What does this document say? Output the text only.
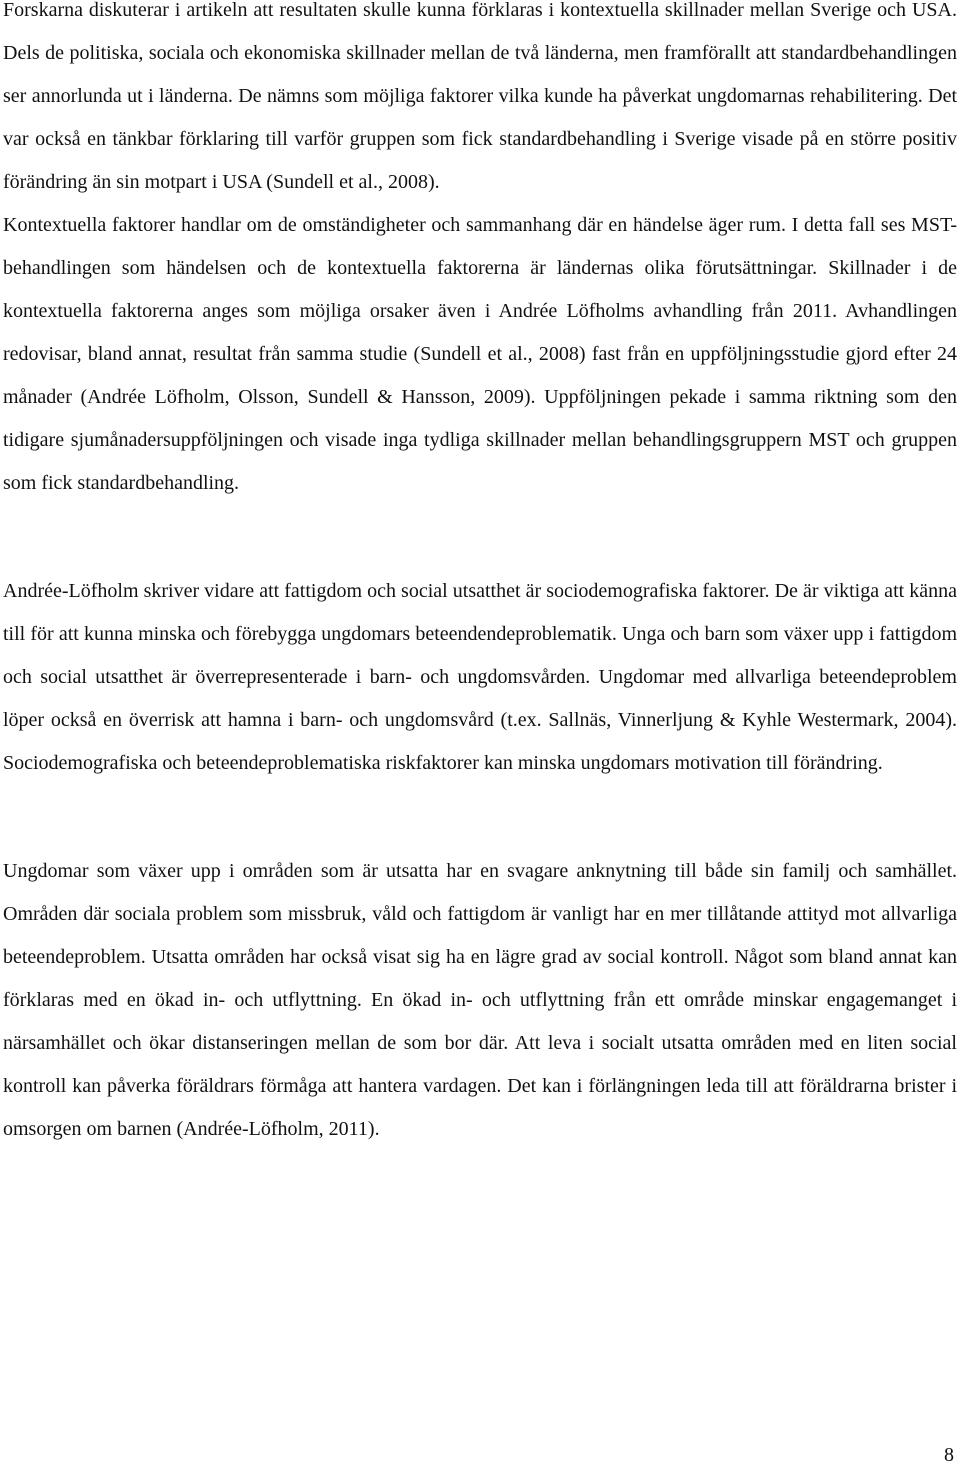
Forskarna diskuterar i artikeln att resultaten skulle kunna förklaras i kontextuella skillnader mellan Sverige och USA. Dels de politiska, sociala och ekonomiska skillnader mellan de två länderna, men framförallt att standardbehandlingen ser annorlunda ut i länderna. De nämns som möjliga faktorer vilka kunde ha påverkat ungdomarnas rehabilitering. Det var också en tänkbar förklaring till varför gruppen som fick standardbehandling i Sverige visade på en större positiv förändring än sin motpart i USA (Sundell et al., 2008).

Kontextuella faktorer handlar om de omständigheter och sammanhang där en händelse äger rum. I detta fall ses MST-behandlingen som händelsen och de kontextuella faktorerna är ländernas olika förutsättningar. Skillnader i de kontextuella faktorerna anges som möjliga orsaker även i Andrée Löfholms avhandling från 2011. Avhandlingen redovisar, bland annat, resultat från samma studie (Sundell et al., 2008) fast från en uppföljningsstudie gjord efter 24 månader (Andrée Löfholm, Olsson, Sundell & Hansson, 2009). Uppföljningen pekade i samma riktning som den tidigare sjumånadersuppföljningen och visade inga tydliga skillnader mellan behandlingsgruppern MST och gruppen som fick standardbehandling.

Andrée-Löfholm skriver vidare att fattigdom och social utsatthet är sociodemografiska faktorer. De är viktiga att känna till för att kunna minska och förebygga ungdomars beteendendeproblematik. Unga och barn som växer upp i fattigdom och social utsatthet är överrepresenterade i barn- och ungdomsvården. Ungdomar med allvarliga beteendeproblem löper också en överrisk att hamna i barn- och ungdomsvård (t.ex. Sallnäs, Vinnerljung & Kyhle Westermark, 2004). Sociodemografiska och beteendeproblematiska riskfaktorer kan minska ungdomars motivation till förändring.

Ungdomar som växer upp i områden som är utsatta har en svagare anknytning till både sin familj och samhället. Områden där sociala problem som missbruk, våld och fattigdom är vanligt har en mer tillåtande attityd mot allvarliga beteendeproblem. Utsatta områden har också visat sig ha en lägre grad av social kontroll. Något som bland annat kan förklaras med en ökad in- och utflyttning. En ökad in- och utflyttning från ett område minskar engagemanget i närsamhället och ökar distanseringen mellan de som bor där. Att leva i socialt utsatta områden med en liten social kontroll kan påverka föräldrars förmåga att hantera vardagen. Det kan i förlängningen leda till att föräldrarna brister i omsorgen om barnen (Andrée-Löfholm, 2011).

8
